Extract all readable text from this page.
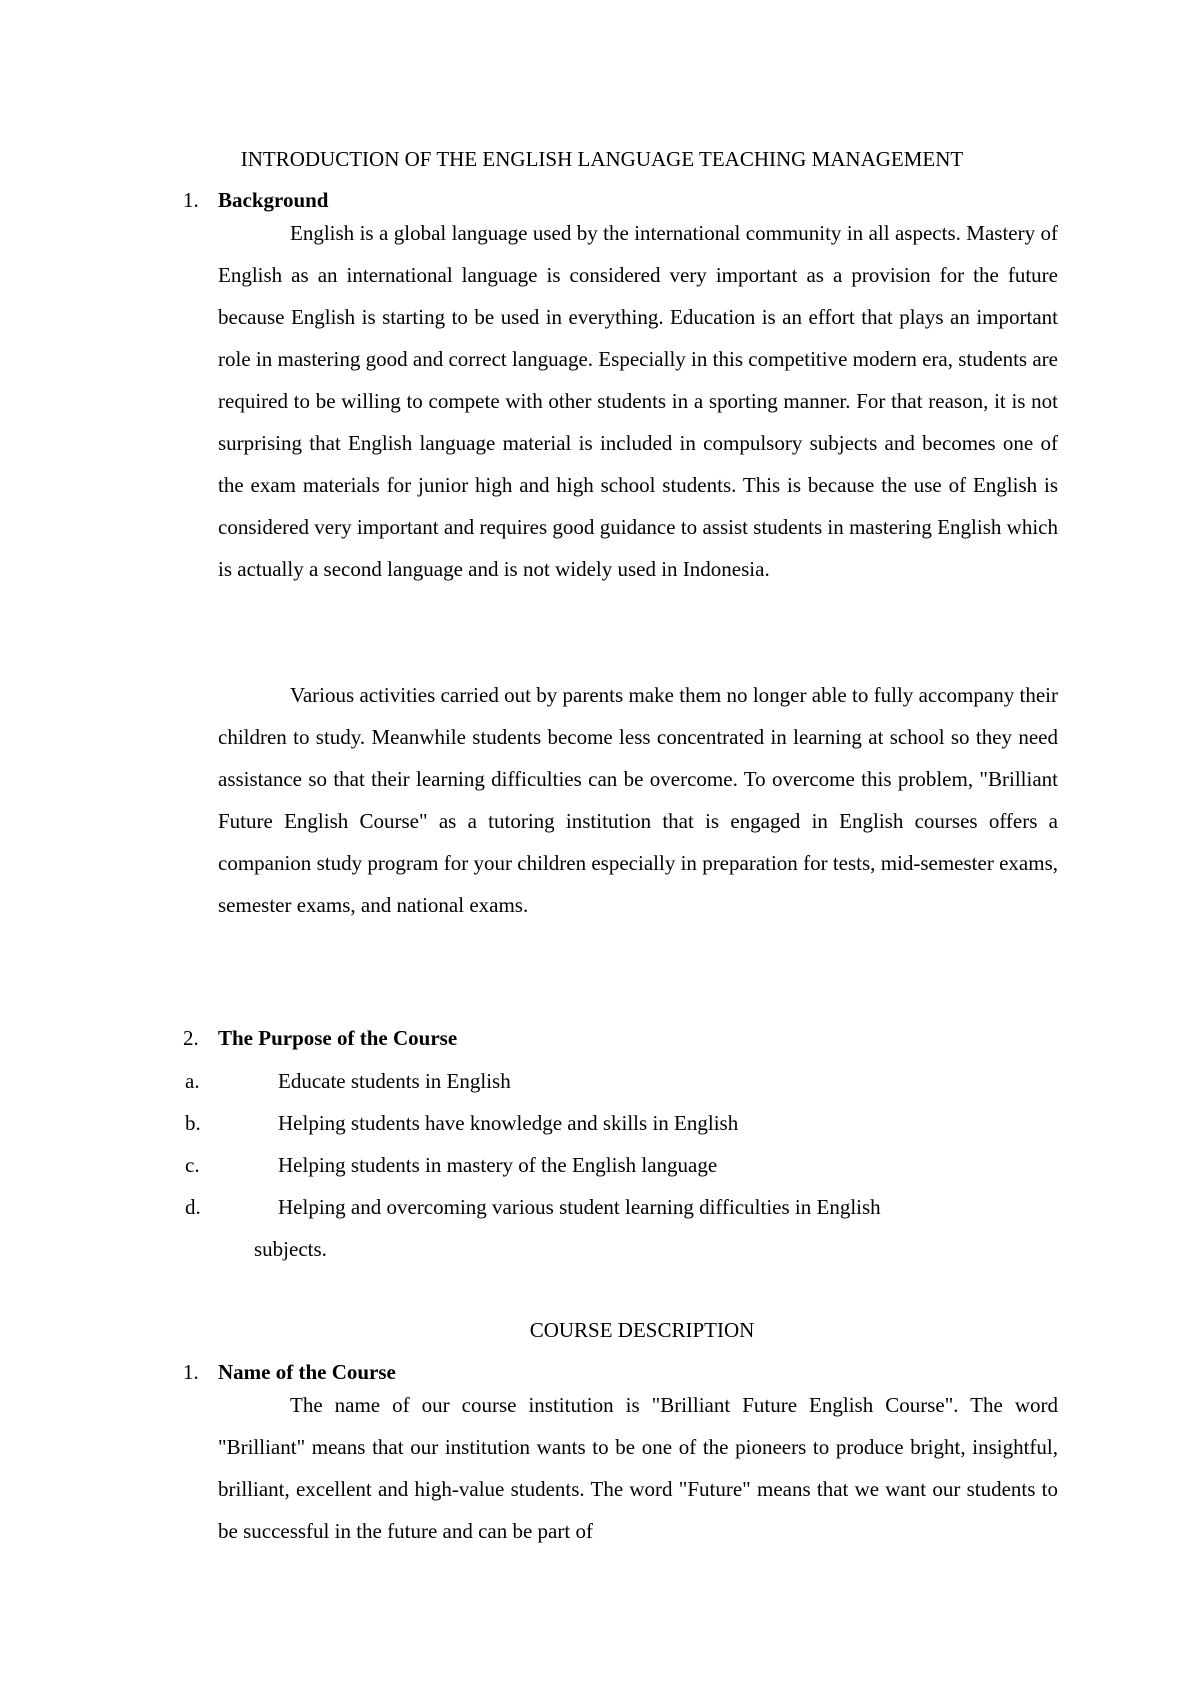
INTRODUCTION OF THE ENGLISH LANGUAGE TEACHING MANAGEMENT
1. Background

English is a global language used by the international community in all aspects. Mastery of English as an international language is considered very important as a provision for the future because English is starting to be used in everything. Education is an effort that plays an important role in mastering good and correct language. Especially in this competitive modern era, students are required to be willing to compete with other students in a sporting manner. For that reason, it is not surprising that English language material is included in compulsory subjects and becomes one of the exam materials for junior high and high school students. This is because the use of English is considered very important and requires good guidance to assist students in mastering English which is actually a second language and is not widely used in Indonesia.

Various activities carried out by parents make them no longer able to fully accompany their children to study. Meanwhile students become less concentrated in learning at school so they need assistance so that their learning difficulties can be overcome. To overcome this problem, "Brilliant Future English Course" as a tutoring institution that is engaged in English courses offers a companion study program for your children especially in preparation for tests, mid-semester exams, semester exams, and national exams.

2. The Purpose of the Course
a.	Educate students in English
b.	Helping students have knowledge and skills in English
c.	Helping students in mastery of the English language
d.	Helping and overcoming various student learning difficulties in English
subjects.
COURSE DESCRIPTION
1. Name of the Course

The name of our course institution is "Brilliant Future English Course". The word "Brilliant" means that our institution wants to be one of the pioneers to produce bright, insightful, brilliant, excellent and high-value students. The word "Future" means that we want our students to be successful in the future and can be part of
